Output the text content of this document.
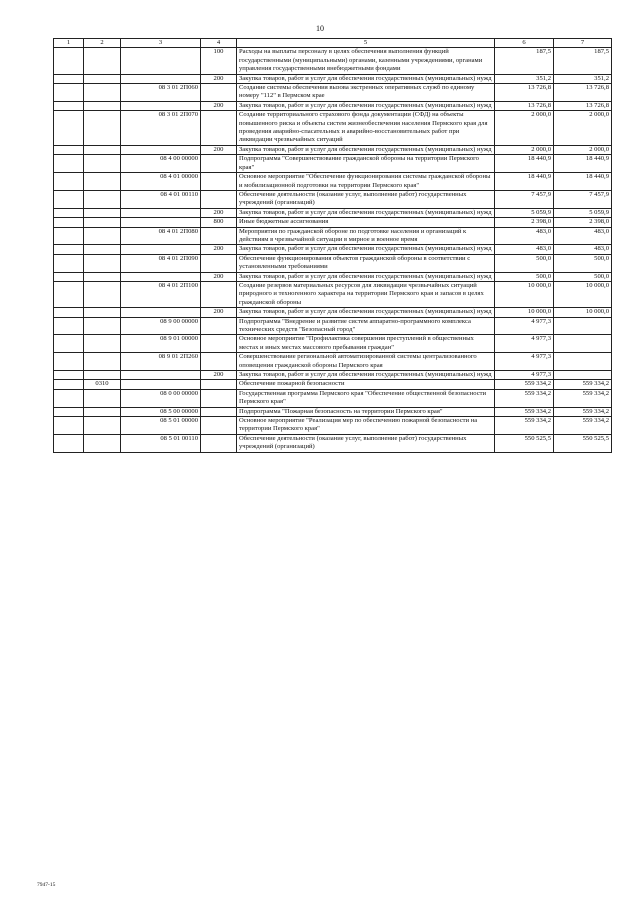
10
1	2	3	4	5	6	7
			100	Расходы на выплаты персоналу в целях обеспечения выполнения функций государственными (муниципальными) органами, казенными учреждениями, органами управления государственными внебюджетными фондами	187,5	187,5
			200	Закупка товаров, работ и услуг для обеспечения государственных (муниципальных) нужд	351,2	351,2
		08 3 01 2П060		Создание системы обеспечения вызова экстренных оперативных служб по единому номеру "112" в Пермском крае	13 726,8	13 726,8
			200	Закупка товаров, работ и услуг для обеспечения государственных (муниципальных) нужд	13 726,8	13 726,8
		08 3 01 2П070		Создание территориального страхового фонда документации (СФД) на объекты повышенного риска и объекты систем жизнеобеспечения населения Пермского края для проведения аварийно-спасательных и аварийно-восстановительных работ при ликвидации чрезвычайных ситуаций	2 000,0	2 000,0
			200	Закупка товаров, работ и услуг для обеспечения государственных (муниципальных) нужд	2 000,0	2 000,0
		08 4 00 00000		Подпрограмма "Совершенствование гражданской обороны на территории Пермского края"	18 440,9	18 440,9
		08 4 01 00000		Основное мероприятие "Обеспечение функционирования системы гражданской обороны и мобилизационной подготовки на территории Пермского края"	18 440,9	18 440,9
		08 4 01 00110		Обеспечение деятельности (оказание услуг, выполнение работ) государственных учреждений (организаций)	7 457,9	7 457,9
			200	Закупка товаров, работ и услуг для обеспечения государственных (муниципальных) нужд	5 059,9	5 059,9
			800	Иные бюджетные ассигнования	2 398,0	2 398,0
		08 4 01 2П080		Мероприятия по гражданской обороне по подготовке населения и организаций к действиям в чрезвычайной ситуации в мирное и военное время	483,0	483,0
			200	Закупка товаров, работ и услуг для обеспечения государственных (муниципальных) нужд	483,0	483,0
		08 4 01 2П090		Обеспечение функционирования объектов гражданской обороны в соответствии с установленными требованиями	500,0	500,0
			200	Закупка товаров, работ и услуг для обеспечения государственных (муниципальных) нужд	500,0	500,0
		08 4 01 2П100		Создание резервов материальных ресурсов для ликвидации чрезвычайных ситуаций природного и техногенного характера на территории Пермского края и запасов в целях гражданской обороны	10 000,0	10 000,0
			200	Закупка товаров, работ и услуг для обеспечения государственных (муниципальных) нужд	10 000,0	10 000,0
		08 9 00 00000		Подпрограмма "Внедрение и развитие систем аппаратно-программного комплекса технических средств "Безопасный город"	4 977,3	
		08 9 01 00000		Основное мероприятие "Профилактика совершения преступлений в общественных местах и иных местах массового пребывания граждан"	4 977,3	
		08 9 01 2П260		Совершенствование региональной автоматизированной системы централизованного оповещения гражданской обороны Пермского края	4 977,3	
			200	Закупка товаров, работ и услуг для обеспечения государственных (муниципальных) нужд	4 977,3	
	0310			Обеспечение пожарной безопасности	559 334,2	559 334,2
		08 0 00 00000		Государственная программа Пермского края "Обеспечение общественной безопасности Пермского края"	559 334,2	559 334,2
		08 5 00 00000		Подпрограмма "Пожарная безопасность на территории Пермского края"	559 334,2	559 334,2
		08 5 01 00000		Основное мероприятие "Реализация мер по обеспечению пожарной безопасности на территории Пермского края"	559 334,2	559 334,2
		08 5 01 00110		Обеспечение деятельности (оказание услуг, выполнение работ) государственных учреждений (организаций)	550 525,5	550 525,5
7947-15
